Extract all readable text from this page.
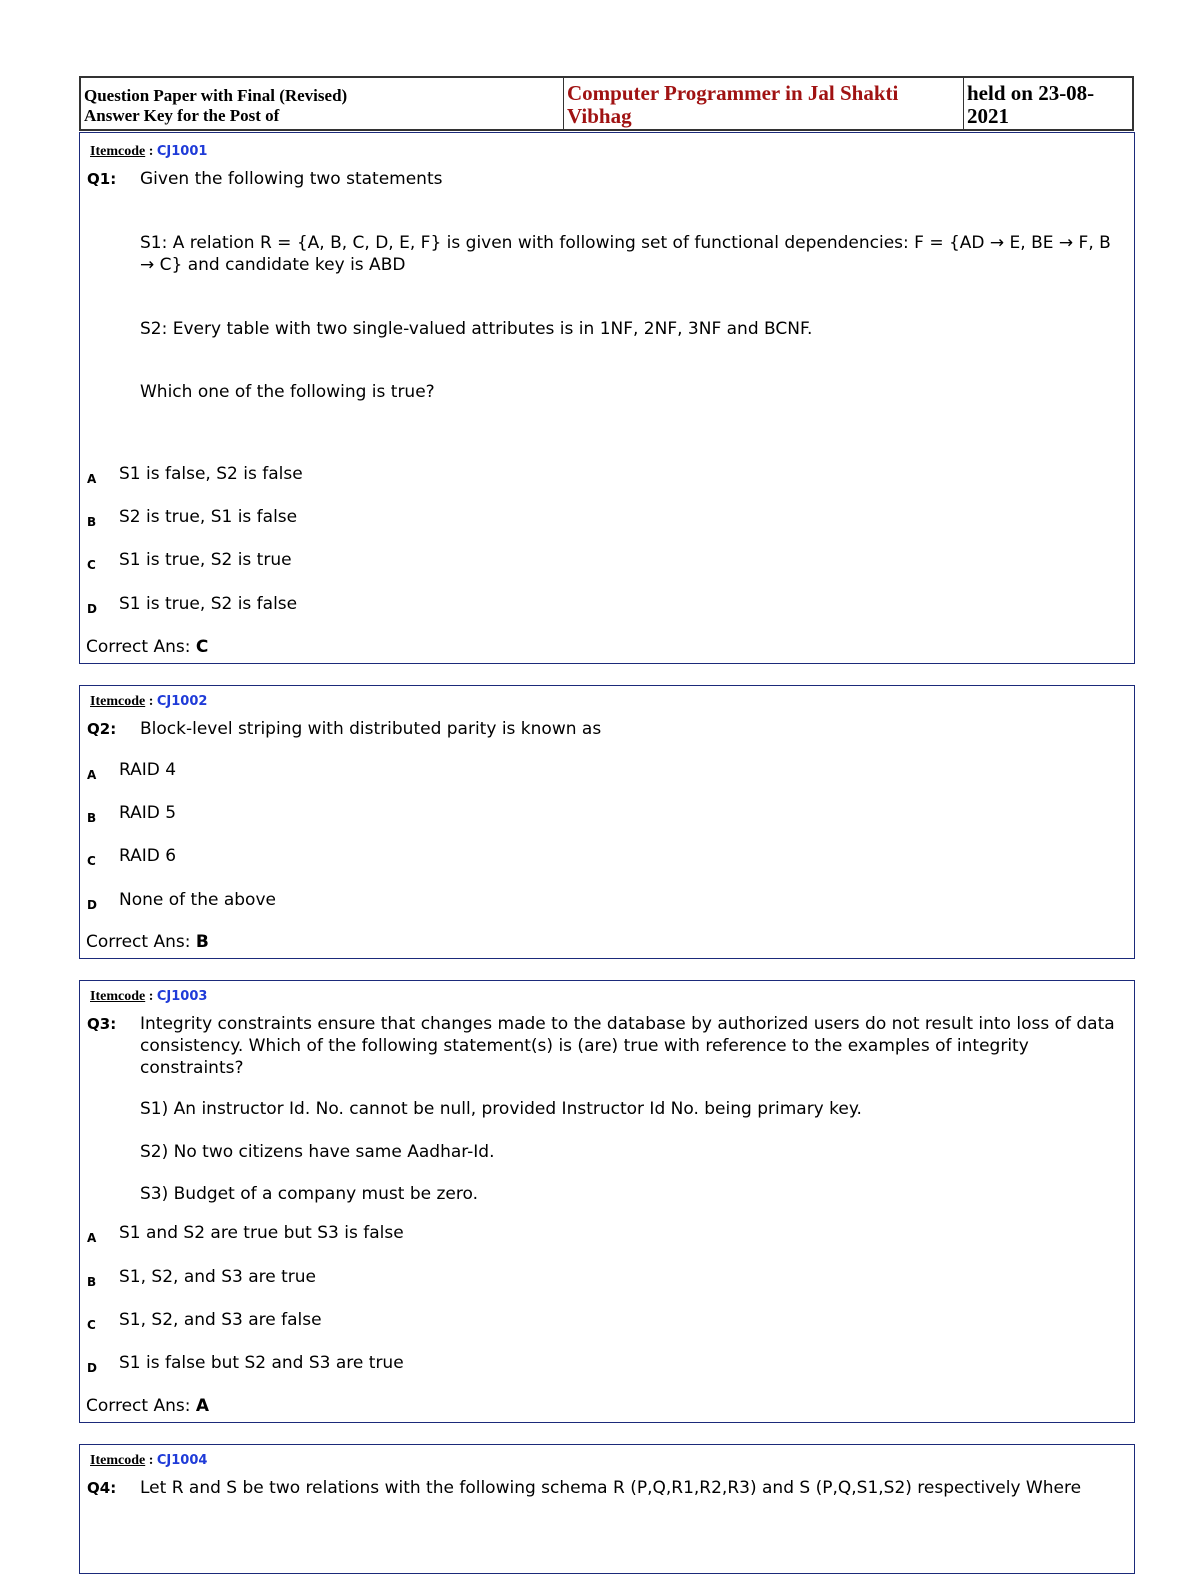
Question Paper with Final (Revised)
Answer Key for the Post of
Computer Programmer in Jal Shakti Vibhag
held on 23-08-2021
Itemcode : CJ1001
Q1: Given the following two statements
S1: A relation R = {A, B, C, D, E, F} is given with following set of functional dependencies: F = {AD → E, BE → F, B → C} and candidate key is ABD
S2: Every table with two single-valued attributes is in 1NF, 2NF, 3NF and BCNF.
Which one of the following is true?
A S1 is false, S2 is false
B S2 is true, S1 is false
C S1 is true, S2 is true
D S1 is true, S2 is false
Correct Ans: C
Itemcode : CJ1002
Q2: Block-level striping with distributed parity is known as
A RAID 4
B RAID 5
C RAID 6
D None of the above
Correct Ans: B
Itemcode : CJ1003
Q3: Integrity constraints ensure that changes made to the database by authorized users do not result into loss of data consistency. Which of the following statement(s) is (are) true with reference to the examples of integrity constraints?
S1) An instructor Id. No. cannot be null, provided Instructor Id No. being primary key.
S2) No two citizens have same Aadhar-Id.
S3) Budget of a company must be zero.
A S1 and S2 are true but S3 is false
B S1, S2, and S3 are true
C S1, S2, and S3 are false
D S1 is false but S2 and S3 are true
Correct Ans: A
Itemcode : CJ1004
Q4: Let R and S be two relations with the following schema R (P,Q,R1,R2,R3) and S (P,Q,S1,S2) respectively Where
